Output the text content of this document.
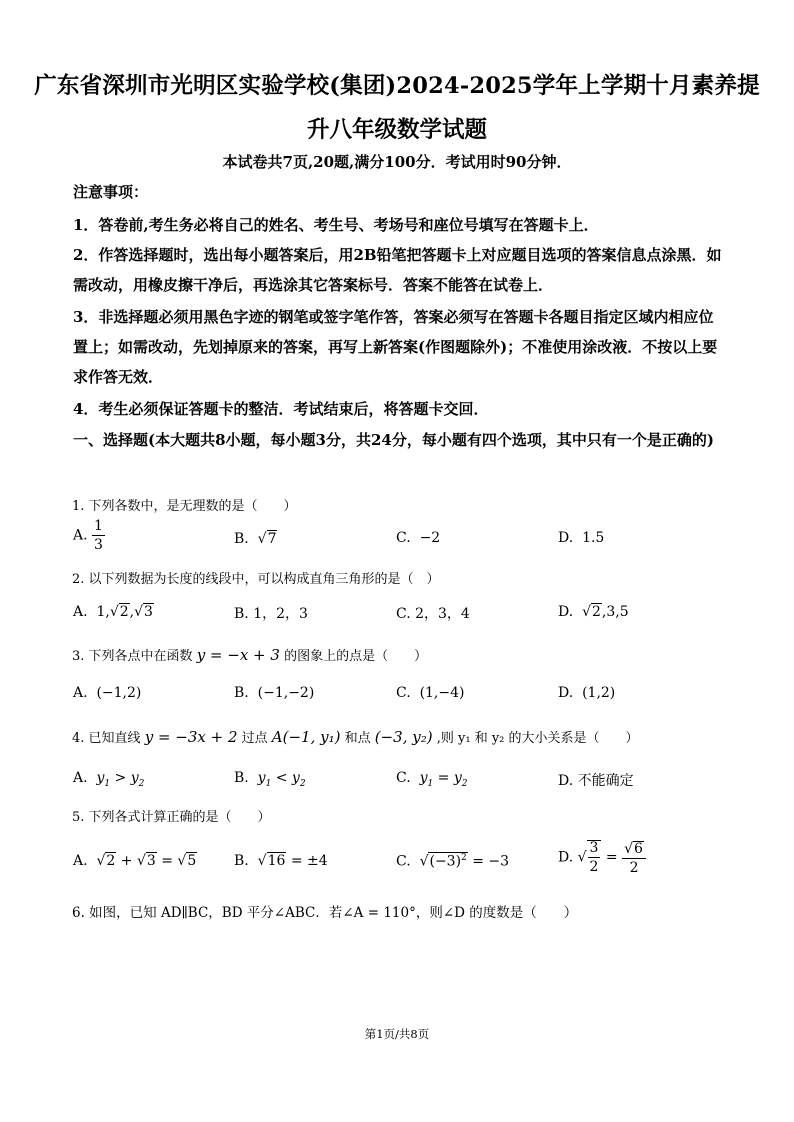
广东省深圳市光明区实验学校(集团)2024-2025学年上学期十月素养提
升八年级数学试题
本试卷共7页,20题,满分100分．考试用时90分钟．
注意事项：
1．答卷前,考生务必将自己的姓名、考生号、考场号和座位号填写在答题卡上．
2．作答选择题时，选出每小题答案后，用2B铅笔把答题卡上对应题目选项的答案信息点涂黑．如需改动，用橡皮擦干净后，再选涂其它答案标号．答案不能答在试卷上．
3．非选择题必须用黑色字迹的钢笔或签字笔作答，答案必须写在答题卡各题目指定区域内相应位置上；如需改动，先划掉原来的答案，再写上新答案(作图题除外)；不准使用涂改液．不按以上要求作答无效．
4．考生必须保证答题卡的整洁．考试结束后，将答题卡交回．
一、选择题(本大题共8小题，每小题3分，共24分，每小题有四个选项，其中只有一个是正确的)
1. 下列各数中，是无理数的是（　　）
A. $\frac{1}{3}$	B.  √7	C.  −2	D.  1.5
2. 以下列数据为长度的线段中，可以构成直角三角形的是（　）
A.  1,√2,√3	B. 1，2，3	C. 2，3，4	D.  √2,3,5
3. 下列各点中在函数 y = −x + 3 的图象上的点是（　　）
A.  (−1,2)	B.  (−1,−2)	C.  (1,−4)	D.  (1,2)
4. 已知直线 y = −3x + 2 过点 A(−1, y₁) 和点 (−3, y₂) ,则 y₁ 和 y₂ 的大小关系是（　　）
A.  $y_1 > y_2$	B.  $y_1 < y_2$	C.  $y_1 = y_2$	D. 不能确定
5. 下列各式计算正确的是（　　）
A.  √2 + √3 = √5	B.  √16 = ±4	C.  $√(-3)^2 = -3$	D. √ $\frac{3}{2} = \frac{√6}{2}$
6. 如图，已知 AD∥BC，BD 平分∠ABC．若∠A = 110°，则∠D 的度数是（　　）
第1页/共8页
